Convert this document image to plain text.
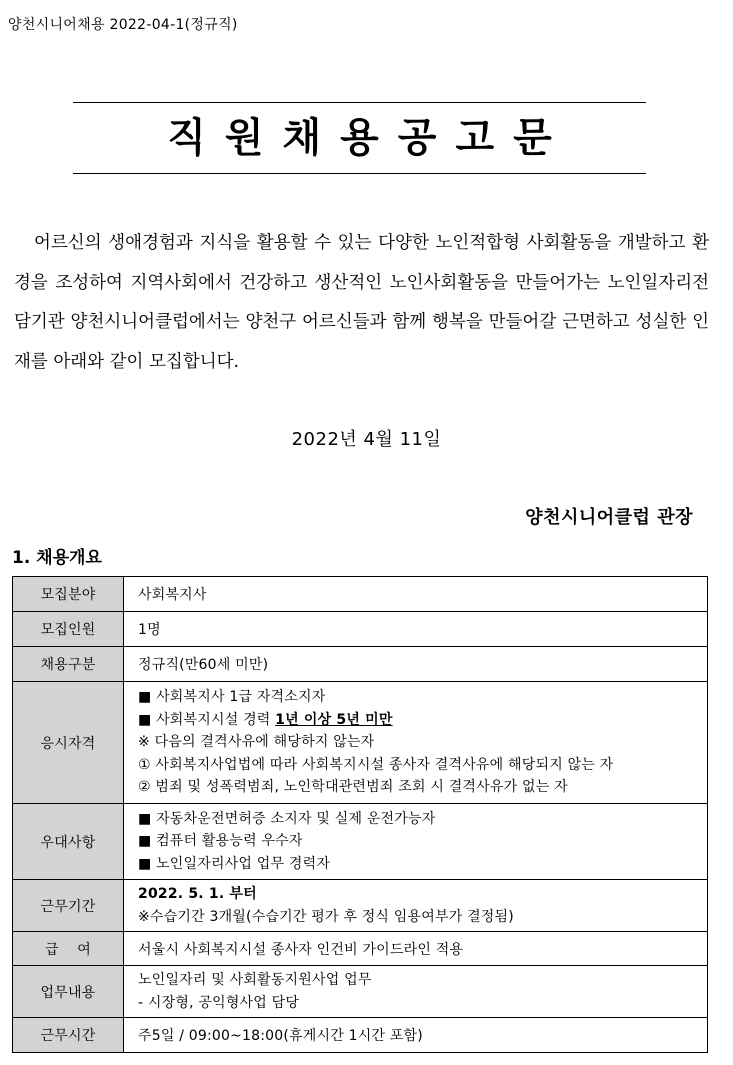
양천시니어채용 2022-04-1(정규직)
직원채용공고문

어르신의 생애경험과 지식을 활용할 수 있는 다양한 노인적합형 사회활동을 개발하고 환경을 조성하여 지역사회에서 건강하고 생산적인 노인사회활동을 만들어가는 노인일자리전담기관 양천시니어클럽에서는 양천구 어르신들과 함께 행복을 만들어갈 근면하고 성실한 인재를 아래와 같이 모집합니다.

2022년 4월 11일
양천시니어클럽 관장
1. 채용개요
모집분야	사회복지사
모집인원	1명
채용구분	정규직(만60세 미만)
응시자격	■ 사회복지사 1급 자격소지자
■ 사회복지시설 경력 1년 이상 5년 미만
※ 다음의 결격사유에 해당하지 않는자
① 사회복지사업법에 따라 사회복지시설 종사자 결격사유에 해당되지 않는 자
② 범죄 및 성폭력범죄, 노인학대관련범죄 조회 시 결격사유가 없는 자

우대사항	■ 자동차운전면허증 소지자 및 실제 운전가능자
■ 컴퓨터 활용능력 우수자
■ 노인일자리사업 업무 경력자

근무기간	2022. 5. 1. 부터
※수습기간 3개월(수습기간 평가 후 정식 임용여부가 결정됨)

급    여	서울시 사회복지시설 종사자 인건비 가이드라인 적용
업무내용	노인일자리 및 사회활동지원사업 업무
- 시장형, 공익형사업 담당

근무시간	주5일 / 09:00~18:00(휴게시간 1시간 포함)
